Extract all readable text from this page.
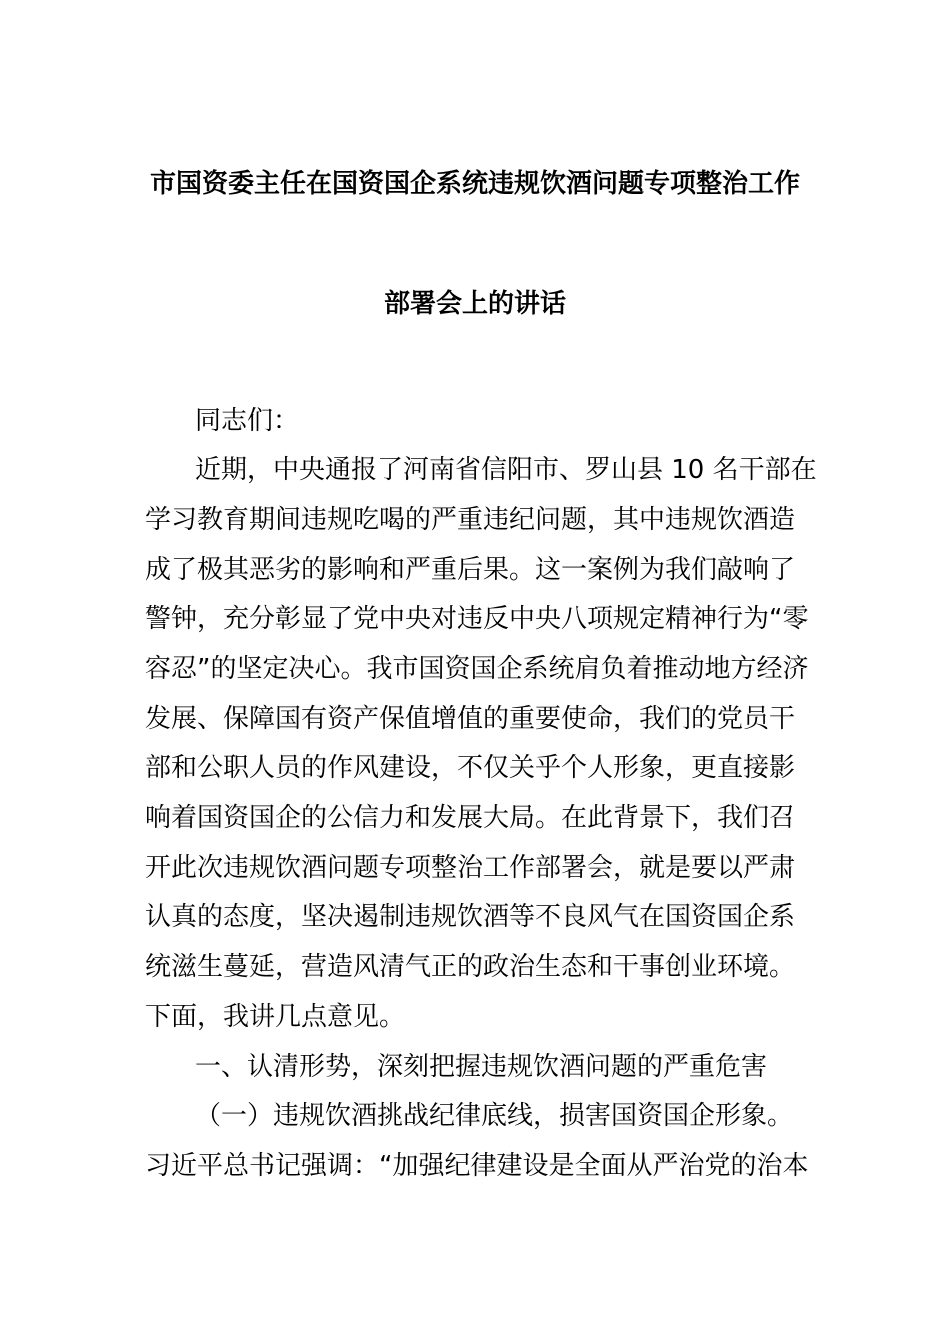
市国资委主任在国资国企系统违规饮酒问题专项整治工作
部署会上的讲话
同志们：
近期，中央通报了河南省信阳市、罗山县 10 名干部在
学习教育期间违规吃喝的严重违纪问题，其中违规饮酒造
成了极其恶劣的影响和严重后果。这一案例为我们敲响了
警钟，充分彰显了党中央对违反中央八项规定精神行为“零
容忍”的坚定决心。我市国资国企系统肩负着推动地方经济
发展、保障国有资产保值增值的重要使命，我们的党员干
部和公职人员的作风建设，不仅关乎个人形象，更直接影
响着国资国企的公信力和发展大局。在此背景下，我们召
开此次违规饮酒问题专项整治工作部署会，就是要以严肃
认真的态度，坚决遏制违规饮酒等不良风气在国资国企系
统滋生蔓延，营造风清气正的政治生态和干事创业环境。
下面，我讲几点意见。
一、认清形势，深刻把握违规饮酒问题的严重危害
（一）违规饮酒挑战纪律底线，损害国资国企形象。
习近平总书记强调：“加强纪律建设是全面从严治党的治本
